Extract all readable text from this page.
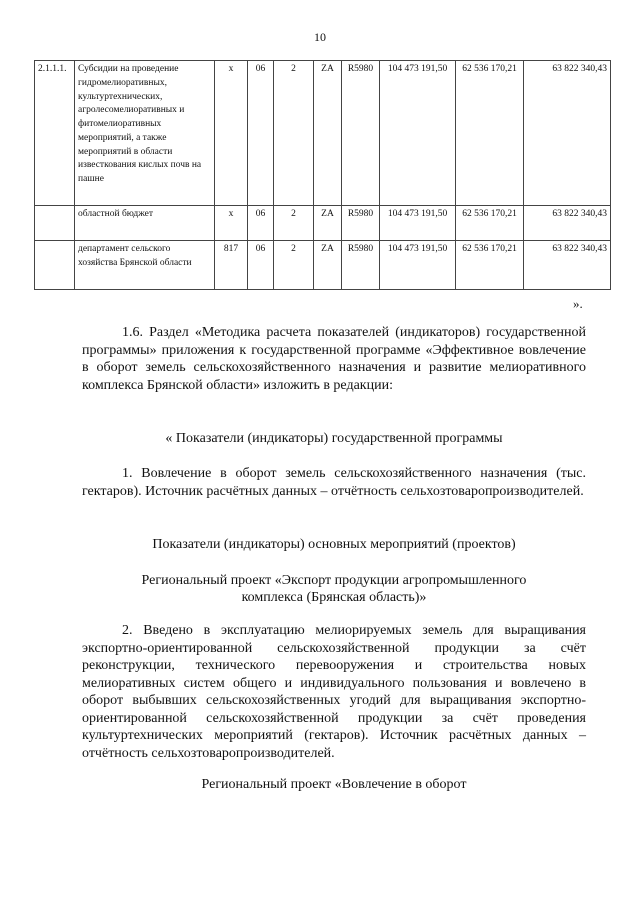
10
2.1.1.1.	Субсидии на проведение гидромелиоративных, культуртехнических, агролесомелиоративных и фитомелиоративных мероприятий, а также мероприятий в области известкования кислых почв на пашне	х	06	2	ZA	R5980	104 473 191,50	62 536 170,21	63 822 340,43
	областной бюджет	х	06	2	ZA	R5980	104 473 191,50	62 536 170,21	63 822 340,43
	департамент сельского хозяйства Брянской области	817	06	2	ZA	R5980	104 473 191,50	62 536 170,21	63 822 340,43
».
1.6. Раздел «Методика расчета показателей (индикаторов) государственной программы» приложения к государственной программе «Эффективное вовлечение в оборот земель сельскохозяйственного назначения и развитие мелиоративного комплекса Брянской области» изложить в редакции:
« Показатели (индикаторы) государственной программы
1. Вовлечение в оборот земель сельскохозяйственного назначения (тыс. гектаров). Источник расчётных данных – отчётность сельхозтоваропроизводителей.
Показатели (индикаторы) основных мероприятий (проектов)
Региональный проект «Экспорт продукции агропромышленного
комплекса (Брянская область)»
2. Введено в эксплуатацию мелиорируемых земель для выращивания экспортно-ориентированной сельскохозяйственной продукции за счёт реконструкции, технического перевооружения и строительства новых мелиоративных систем общего и индивидуального пользования и вовлечено в оборот выбывших сельскохозяйственных угодий для выращивания экспортно-ориентированной сельскохозяйственной продукции за счёт проведения культуртехнических мероприятий (гектаров). Источник расчётных данных – отчётность сельхозтоваропроизводителей.
Региональный проект «Вовлечение в оборот
